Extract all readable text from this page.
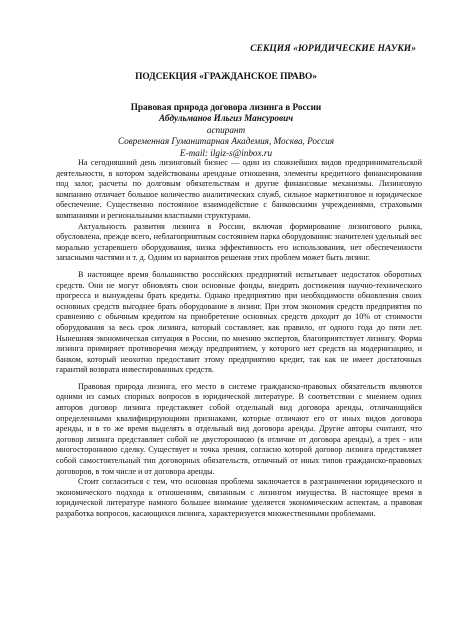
СЕКЦИЯ «ЮРИДИЧЕСКИЕ НАУКИ»
ПОДСЕКЦИЯ «ГРАЖДАНСКОЕ ПРАВО»
Правовая природа договора лизинга в России
Абдульманов Ильгиз Мансурович
аспирант
Современная Гуманитарная Академия, Москва, Россия
E-mail: ilgiz-s@inbox.ru

На сегодняшний день лизинговый бизнес — один из сложнейших видов предпринимательской деятельности, в котором задействованы арендные отношения, элементы кредитного финансирования под залог, расчеты по долговым обязательствам и другие финансовые механизмы. Лизинговую компанию отличает большое количество аналитических служб, сильное маркетинговое и юридическое обеспечение. Существенно постоянное взаимодействие с банковскими учреждениями, страховыми компаниями и региональными властными структурами.

Актуальность развития лизинга в России, включая формирование лизингового рынка, обусловлена, прежде всего, неблагоприятным состоянием парка оборудования: значителен удельный вес морально устаревшего оборудования, низка эффективность его использования, нет обеспеченности запасными частями и т. д. Одним из вариантов решения этих проблем может быть лизинг.

В настоящее время большинство российских предприятий испытывает недостаток оборотных средств. Они не могут обновлять свои основные фонды, внедрять достижения научно-технического прогресса и вынуждены брать кредиты. Однако предприятию при необходимости обновления своих основных средств выгоднее брать оборудование в лизинг. При этом экономия средств предприятия по сравнению с обычным кредитом на приобретение основных средств доходит до 10% от стоимости оборудования за весь срок лизинга, который составляет, как правило, от одного года до пяти лет. Нынешняя экономическая ситуация в России, по мнению экспертов, благоприятствует лизингу. Форма лизинга примиряет противоречия между предприятием, у которого нет средств на модернизацию, и банком, который неохотно предоставит этому предприятию кредит, так как не имеет достаточных гарантий возврата инвестированных средств.

Правовая природа лизинга, его место в системе гражданско-правовых обязательств являются одними из самых спорных вопросов в юридической литературе. В соответствии с мнением одних авторов договор лизинга представляет собой отдельный вид договора аренды, отличающийся определенными квалифицирующими признаками, которые отличают его от иных видов договора аренды, и в то же время выделять в отдельный вид договора аренды. Другие авторы считают, что договор лизинга представляет собой не двустороннюю (в отличие от договора аренды), а трех - или многостороннюю сделку. Существует и точка зрения, согласно которой договор лизинга представляет собой самостоятельный тип договорных обязательств, отличный от иных типов гражданско-правовых договоров, в том числе и от договора аренды.

Стоит согласиться с тем, что основная проблема заключается в разграничении юридического и экономического подхода к отношениям, связанным с лизингом имущества. В настоящее время в юридической литературе намного большее внимание уделяется экономическим аспектам, а правовая разработка вопросов, касающихся лизинга, характеризуется множественными проблемами.
